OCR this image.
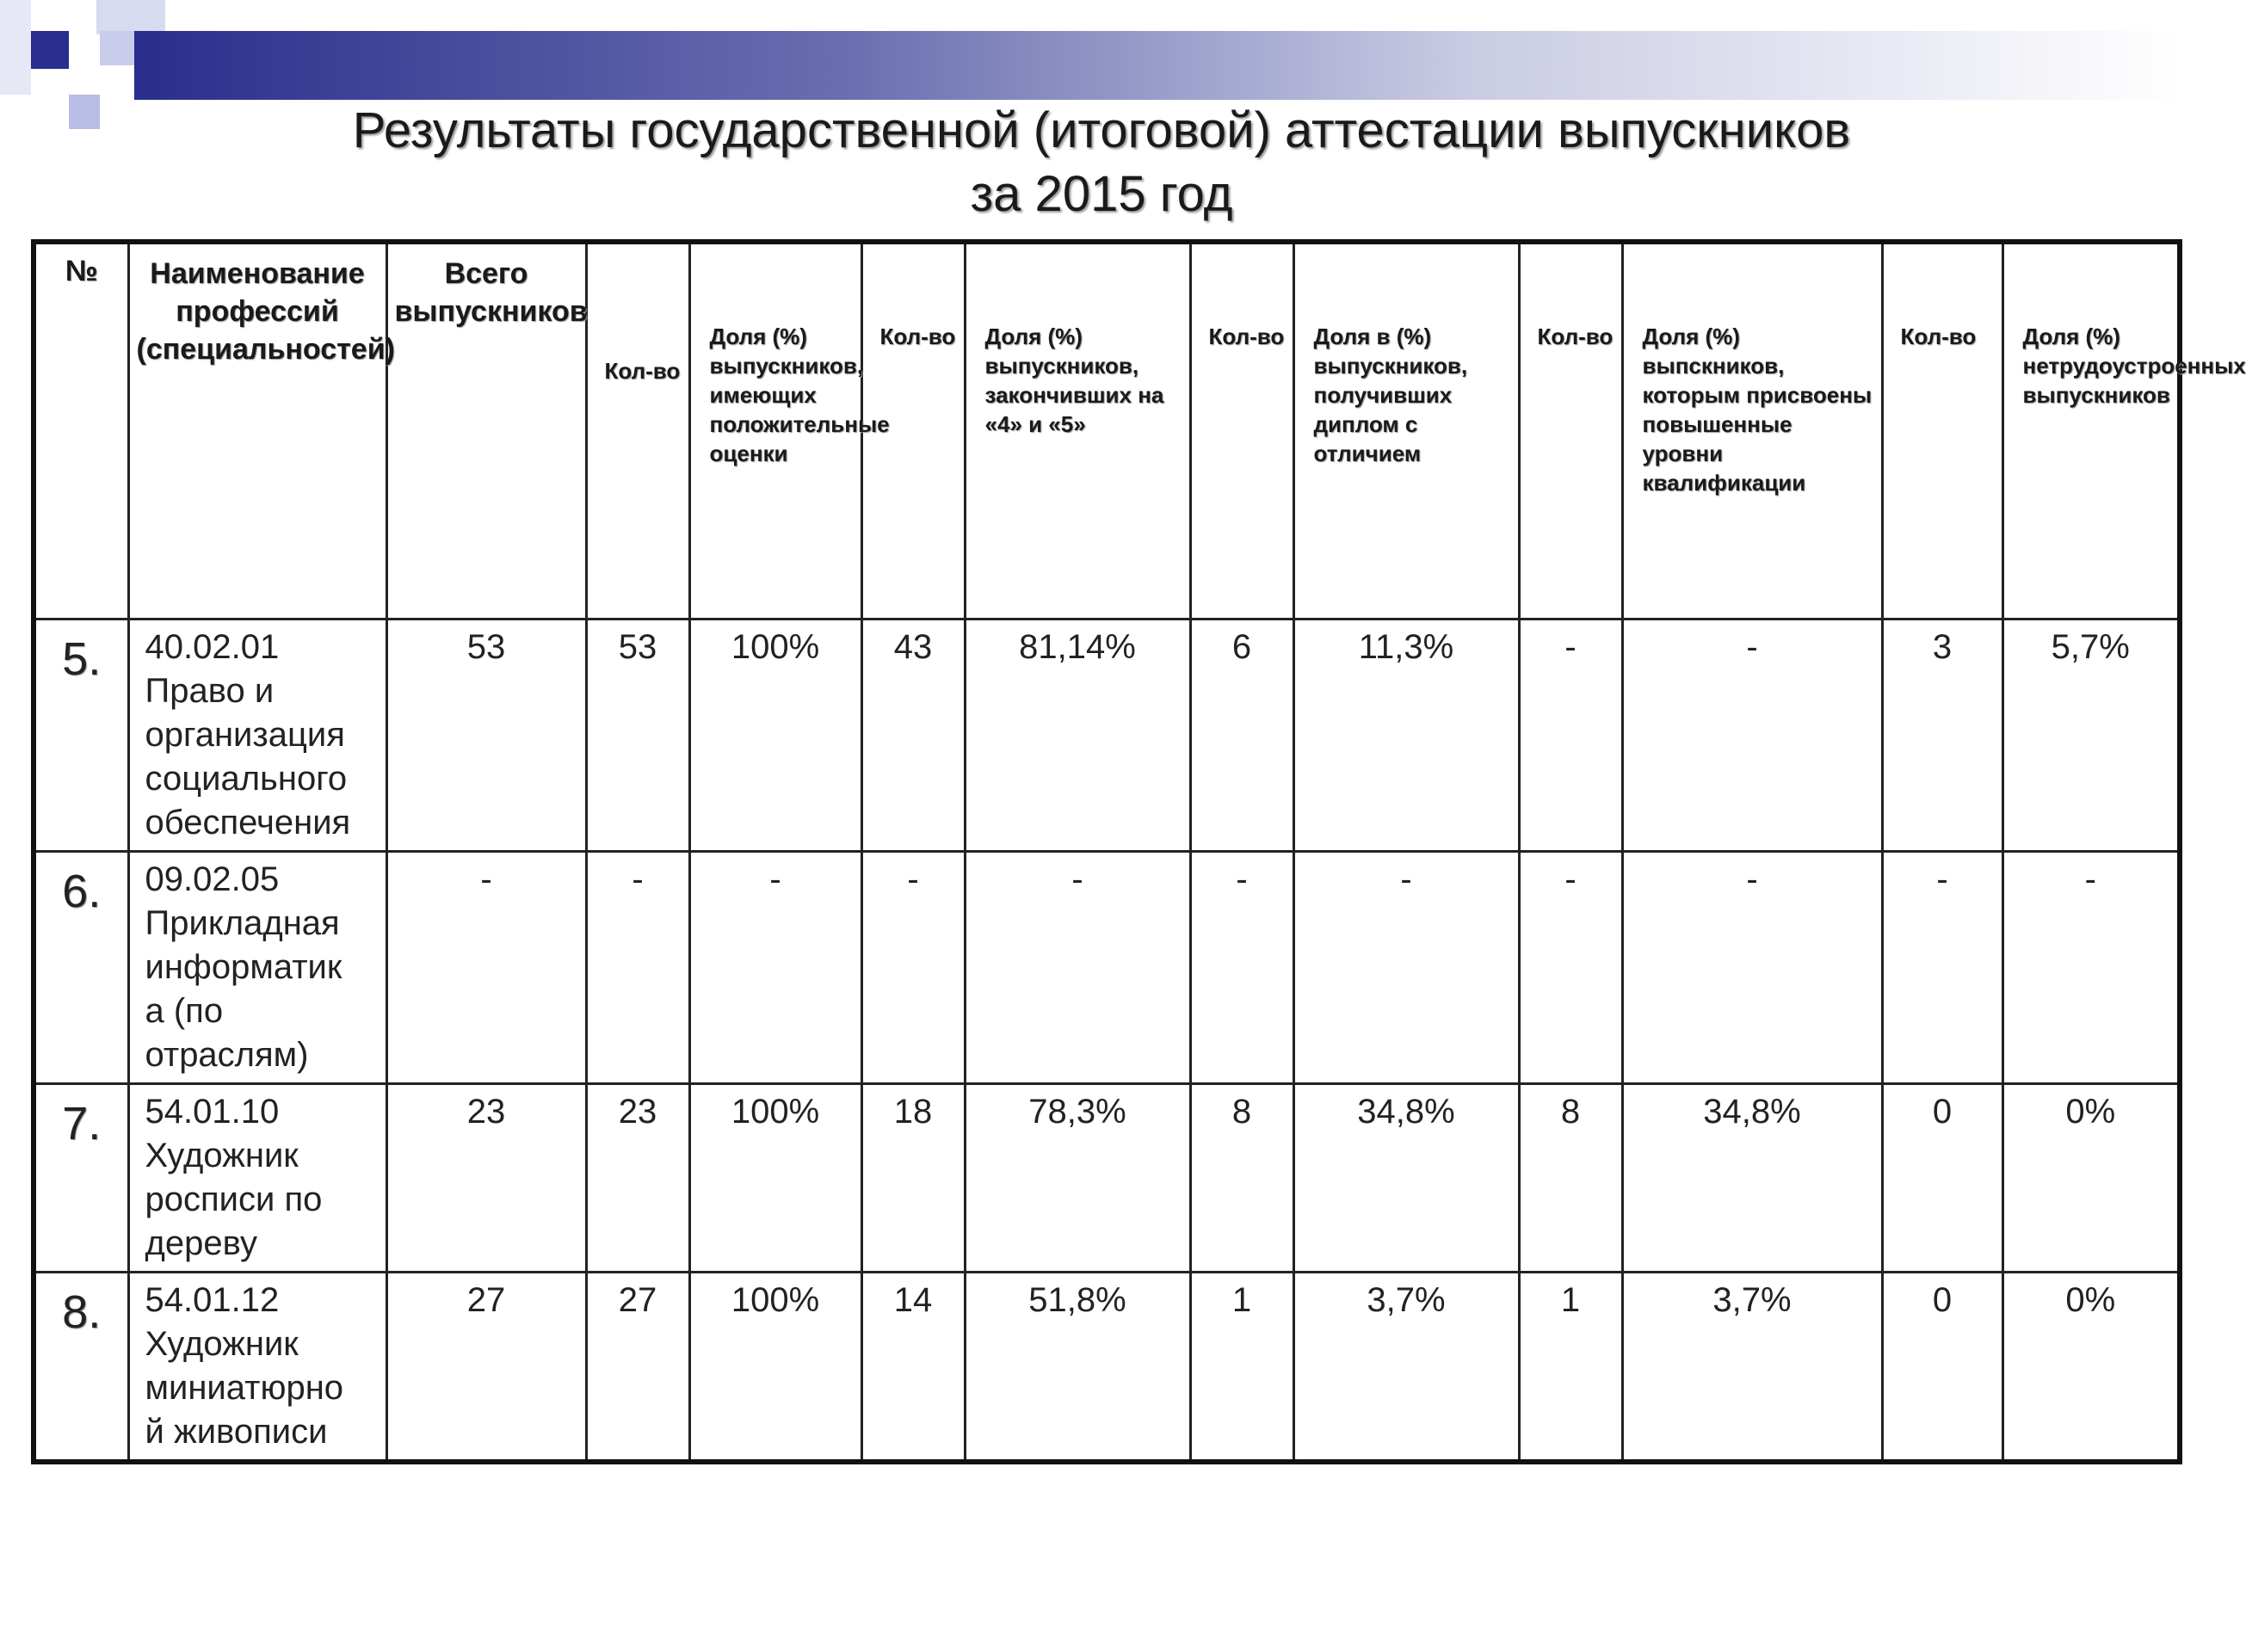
Результаты государственной (итоговой) аттестации выпускников
за 2015 год
№	Наименование профессий (специальностей)	Всего выпускников	Кол-во	Доля (%) выпускников, имеющих положительные оценки	Кол-во	Доля (%) выпускников, закончивших на «4» и «5»	Кол-во	Доля в (%) выпускников, получивших диплом с отличием	Кол-во	Доля (%) выпскников, которым присвоены повышенные уровни квалификации	Кол-во	Доля (%) нетрудоустроенных выпускников
5.	40.02.01
Право и
организация
социального
обеспечения	53	53	100%	43	81,14%	6	11,3%	-	-	3	5,7%
6.	09.02.05
Прикладная
информатик
а (по
отраслям)	-	-	-	-	-	-	-	-	-	-	-
7.	54.01.10
Художник
росписи по
дереву	23	23	100%	18	78,3%	8	34,8%	8	34,8%	0	0%
8.	54.01.12
Художник
миниатюрно
й живописи	27	27	100%	14	51,8%	1	3,7%	1	3,7%	0	0%
